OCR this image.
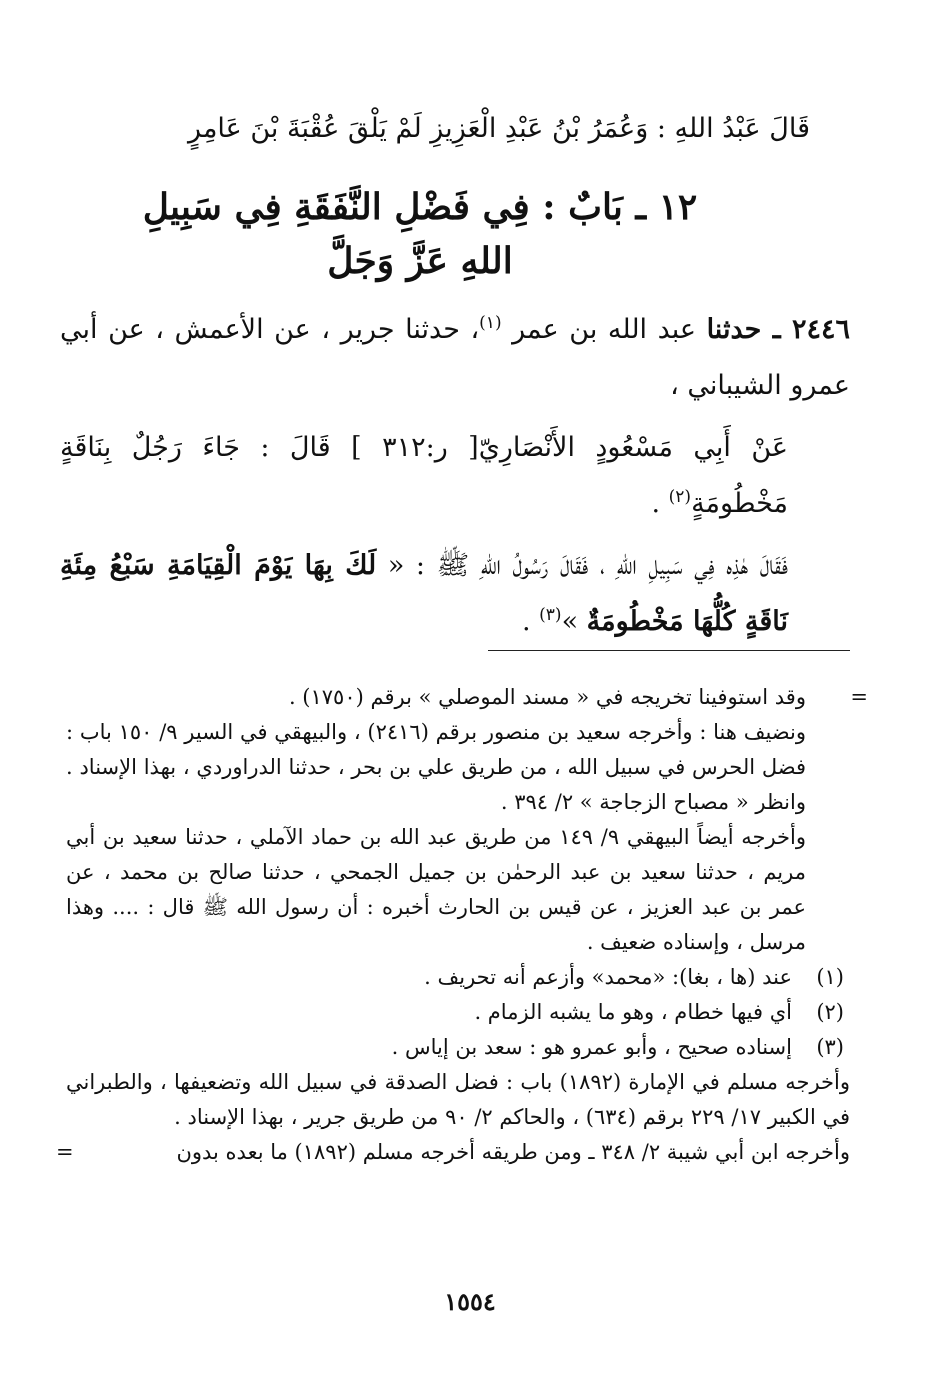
قَالَ عَبْدُ اللهِ : وَعُمَرُ بْنُ عَبْدِ الْعَزِيزِ لَمْ يَلْقَ عُقْبَةَ بْنَ عَامِرٍ

١٢ ـ بَابٌ : فِي فَضْلِ النَّفَقَةِ فِي سَبِيلِ
اللهِ عَزَّ وَجَلَّ

٢٤٤٦ ـ حدثنا عبد الله بن عمر $^{(١)}$، حدثنا جرير ، عن الأعمش ، عن أبي عمرو الشيباني ،

عَنْ أَبِي مَسْعُودٍ الأَنْصَارِيّ[ ر:٣١٢ ] قَالَ : جَاءَ رَجُلٌ بِنَاقَةٍ مَخْطُومَةٍ$^{(٢)}$ .

فَقَالَ هٰذِه فِي سَبِيلِ اللهِ ، فَقَالَ رَسُولُ اللهِ ﷺ : « لَكَ بِهَا يَوْمَ الْقِيَامَةِ سَبْعُ مِئَةِ نَاقَةٍ كُلُّهَا مَخْطُومَةٌ »$^{(٣)}$ .

=

وقد استوفينا تخريجه في « مسند الموصلي » برقم (١٧٥٠) .

ونضيف هنا : وأخرجه سعيد بن منصور برقم (٢٤١٦) ، والبيهقي في السير ٩/ ١٥٠ باب : فضل الحرس في سبيل الله ، من طريق علي بن بحر ، حدثنا الدراوردي ، بهذا الإسناد . وانظر « مصباح الزجاجة » ٢/ ٣٩٤ .

وأخرجه أيضاً البيهقي ٩/ ١٤٩ من طريق عبد الله بن حماد الآملي ، حدثنا سعيد بن أبي مريم ، حدثنا سعيد بن عبد الرحمٰن بن جميل الجمحي ، حدثنا صالح بن محمد ، عن عمر بن عبد العزيز ، عن قيس بن الحارث أخبره : أن رسول الله ﷺ قال : .... وهذا مرسل ، وإسناده ضعيف .

(١)
عند (ها ، بغا): «محمد» وأزعم أنه تحريف .

(٢)
أي فيها خطام ، وهو ما يشبه الزمام .

(٣)
إسناده صحيح ، وأبو عمرو هو : سعد بن إياس .

وأخرجه مسلم في الإمارة (١٨٩٢) باب : فضل الصدقة في سبيل الله وتضعيفها ، والطبراني في الكبير ١٧/ ٢٢٩ برقم (٦٣٤) ، والحاكم ٢/ ٩٠ من طريق جرير ، بهذا الإسناد .

وأخرجه ابن أبي شيبة ٢/ ٣٤٨ ـ ومن طريقه أخرجه مسلم (١٨٩٢) ما بعده بدون
=

١٥٥٤
